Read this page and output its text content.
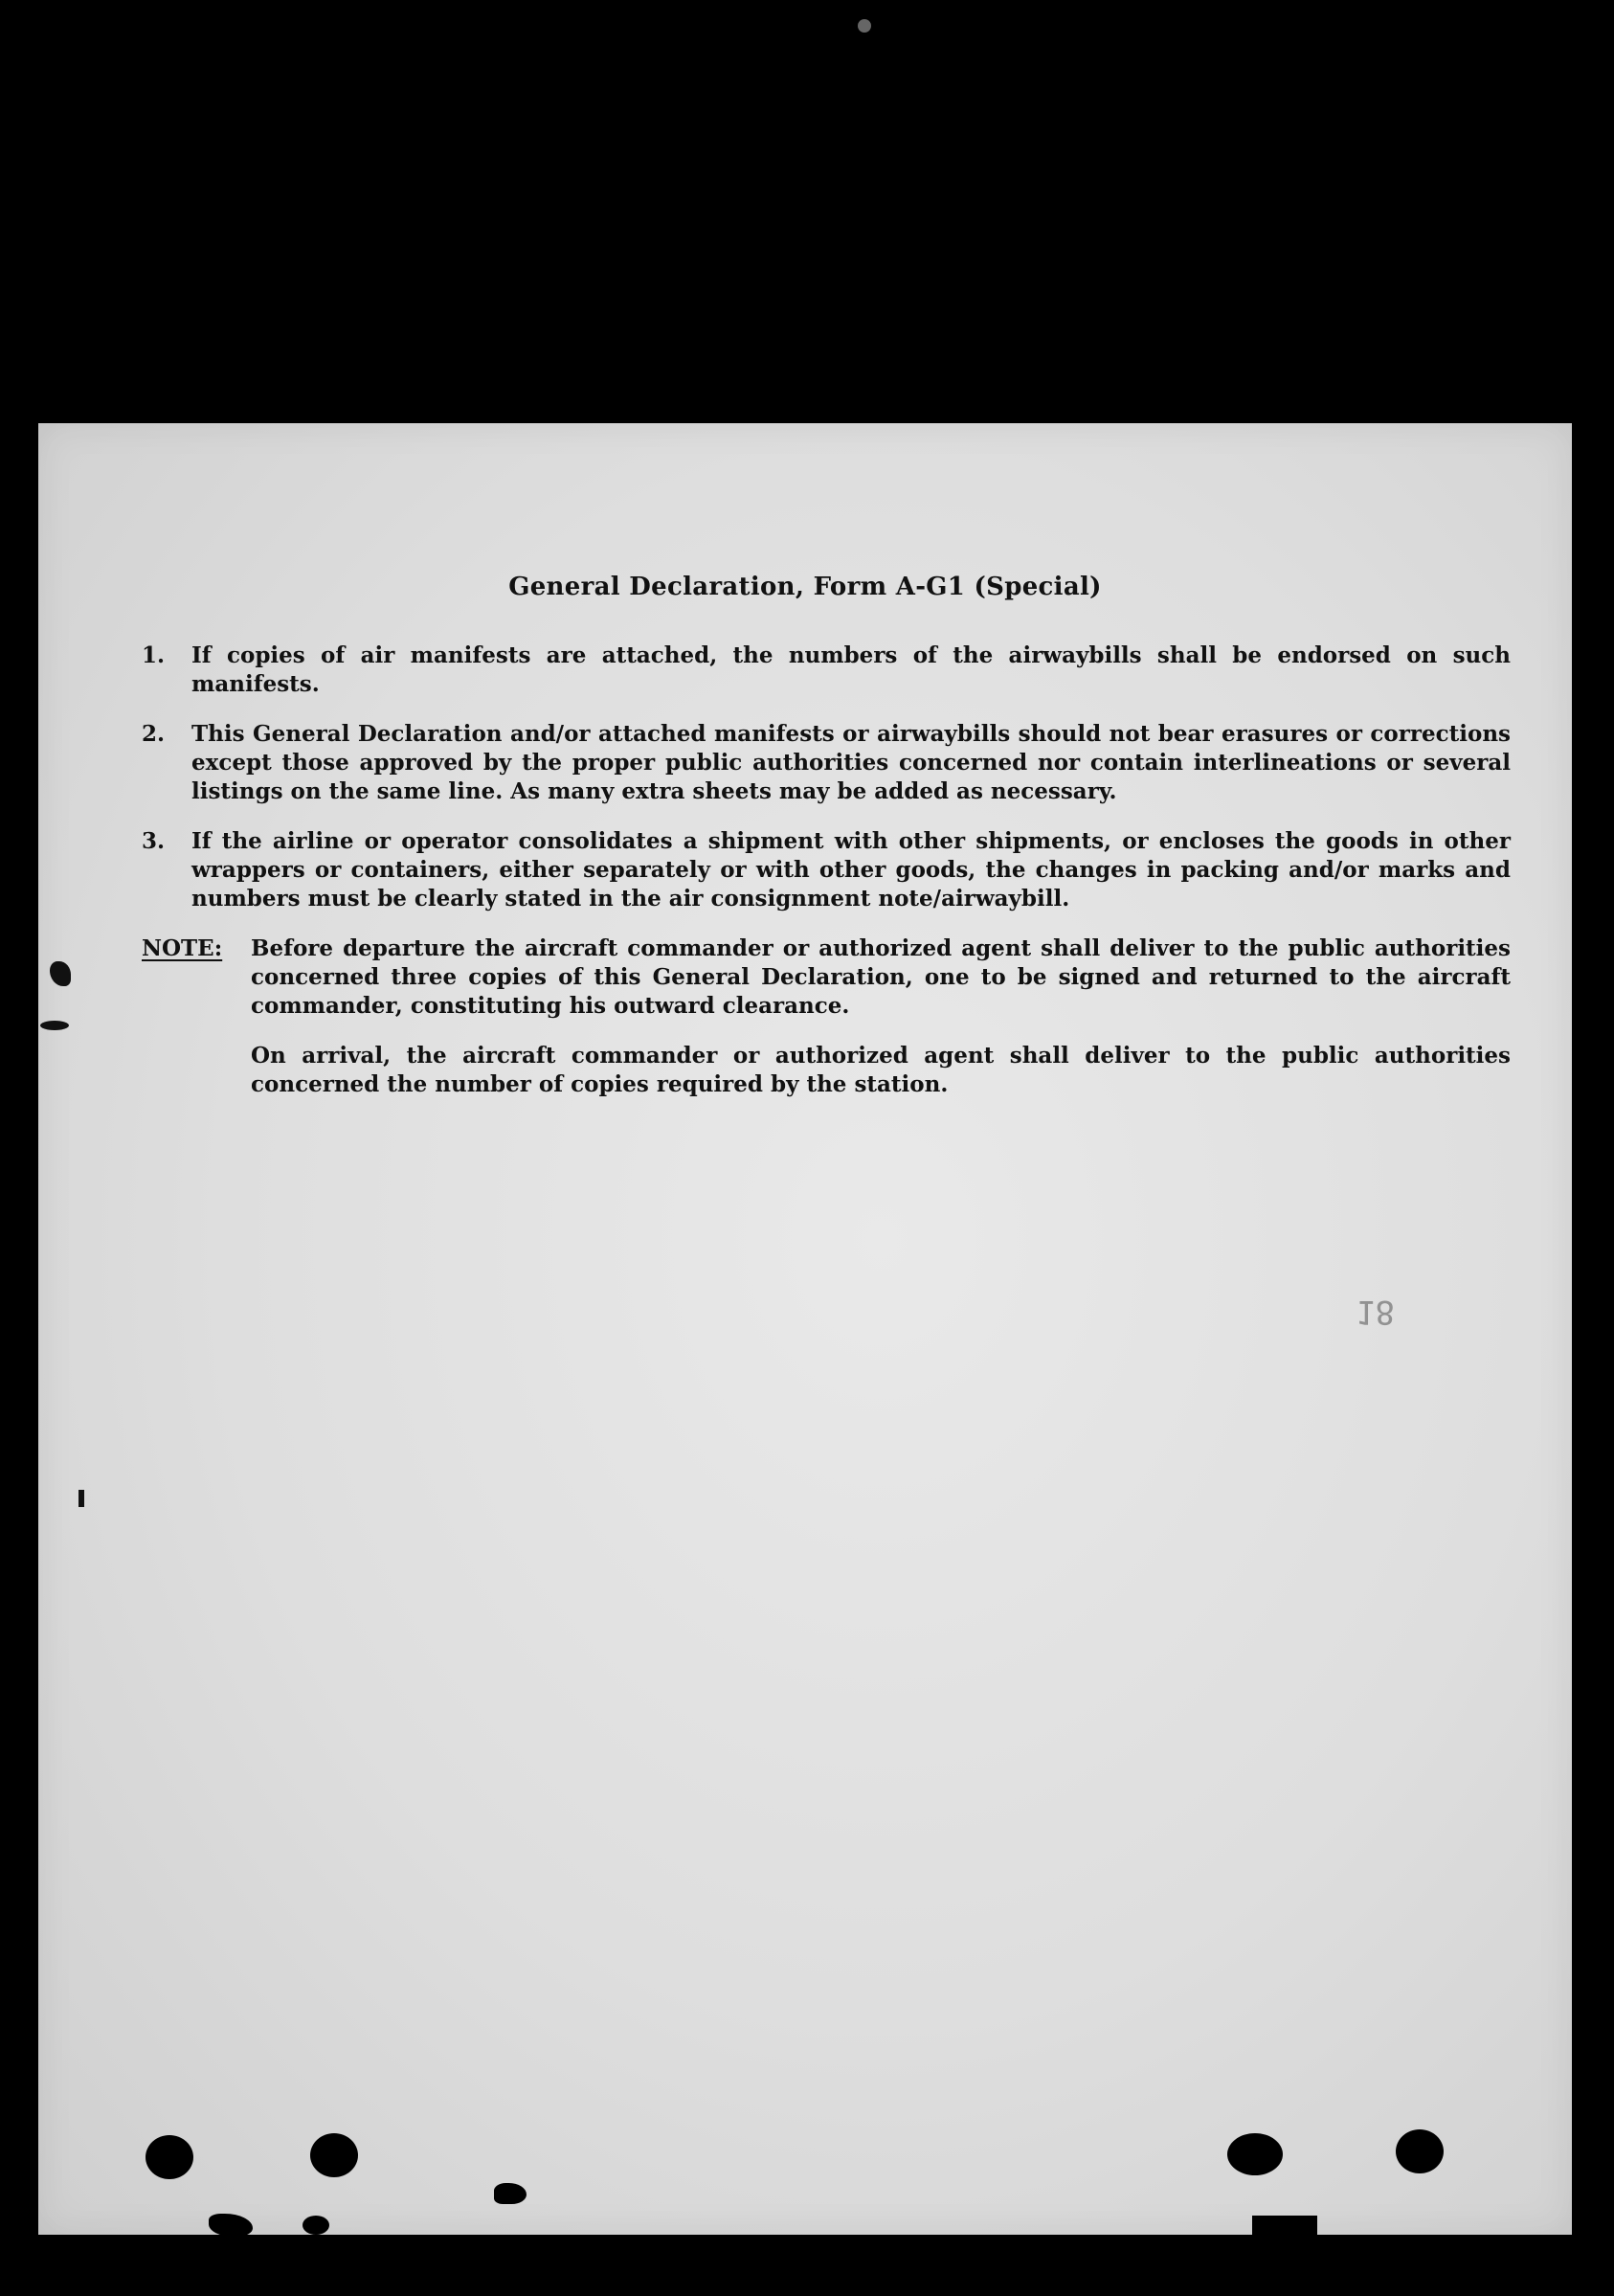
General Declaration, Form A-G1 (Special)
1.	If copies of air manifests are attached, the numbers of the airwaybills shall be endorsed on such manifests.
2.	This General Declaration and/or attached manifests or airwaybills should not bear erasures or corrections except those approved by the proper public authorities concerned nor contain interlineations or several listings on the same line. As many extra sheets may be added as necessary.
3.	If the airline or operator consolidates a shipment with other shipments, or encloses the goods in other wrappers or containers, either separately or with other goods, the changes in packing and/or marks and numbers must be clearly stated in the air consignment note/airwaybill.
NOTE:	Before departure the aircraft commander or authorized agent shall deliver to the public authorities concerned three copies of this General Declaration, one to be signed and returned to the aircraft commander, constituting his outward clearance.

On arrival, the aircraft commander or authorized agent shall deliver to the public authorities concerned the number of copies required by the station.

18
